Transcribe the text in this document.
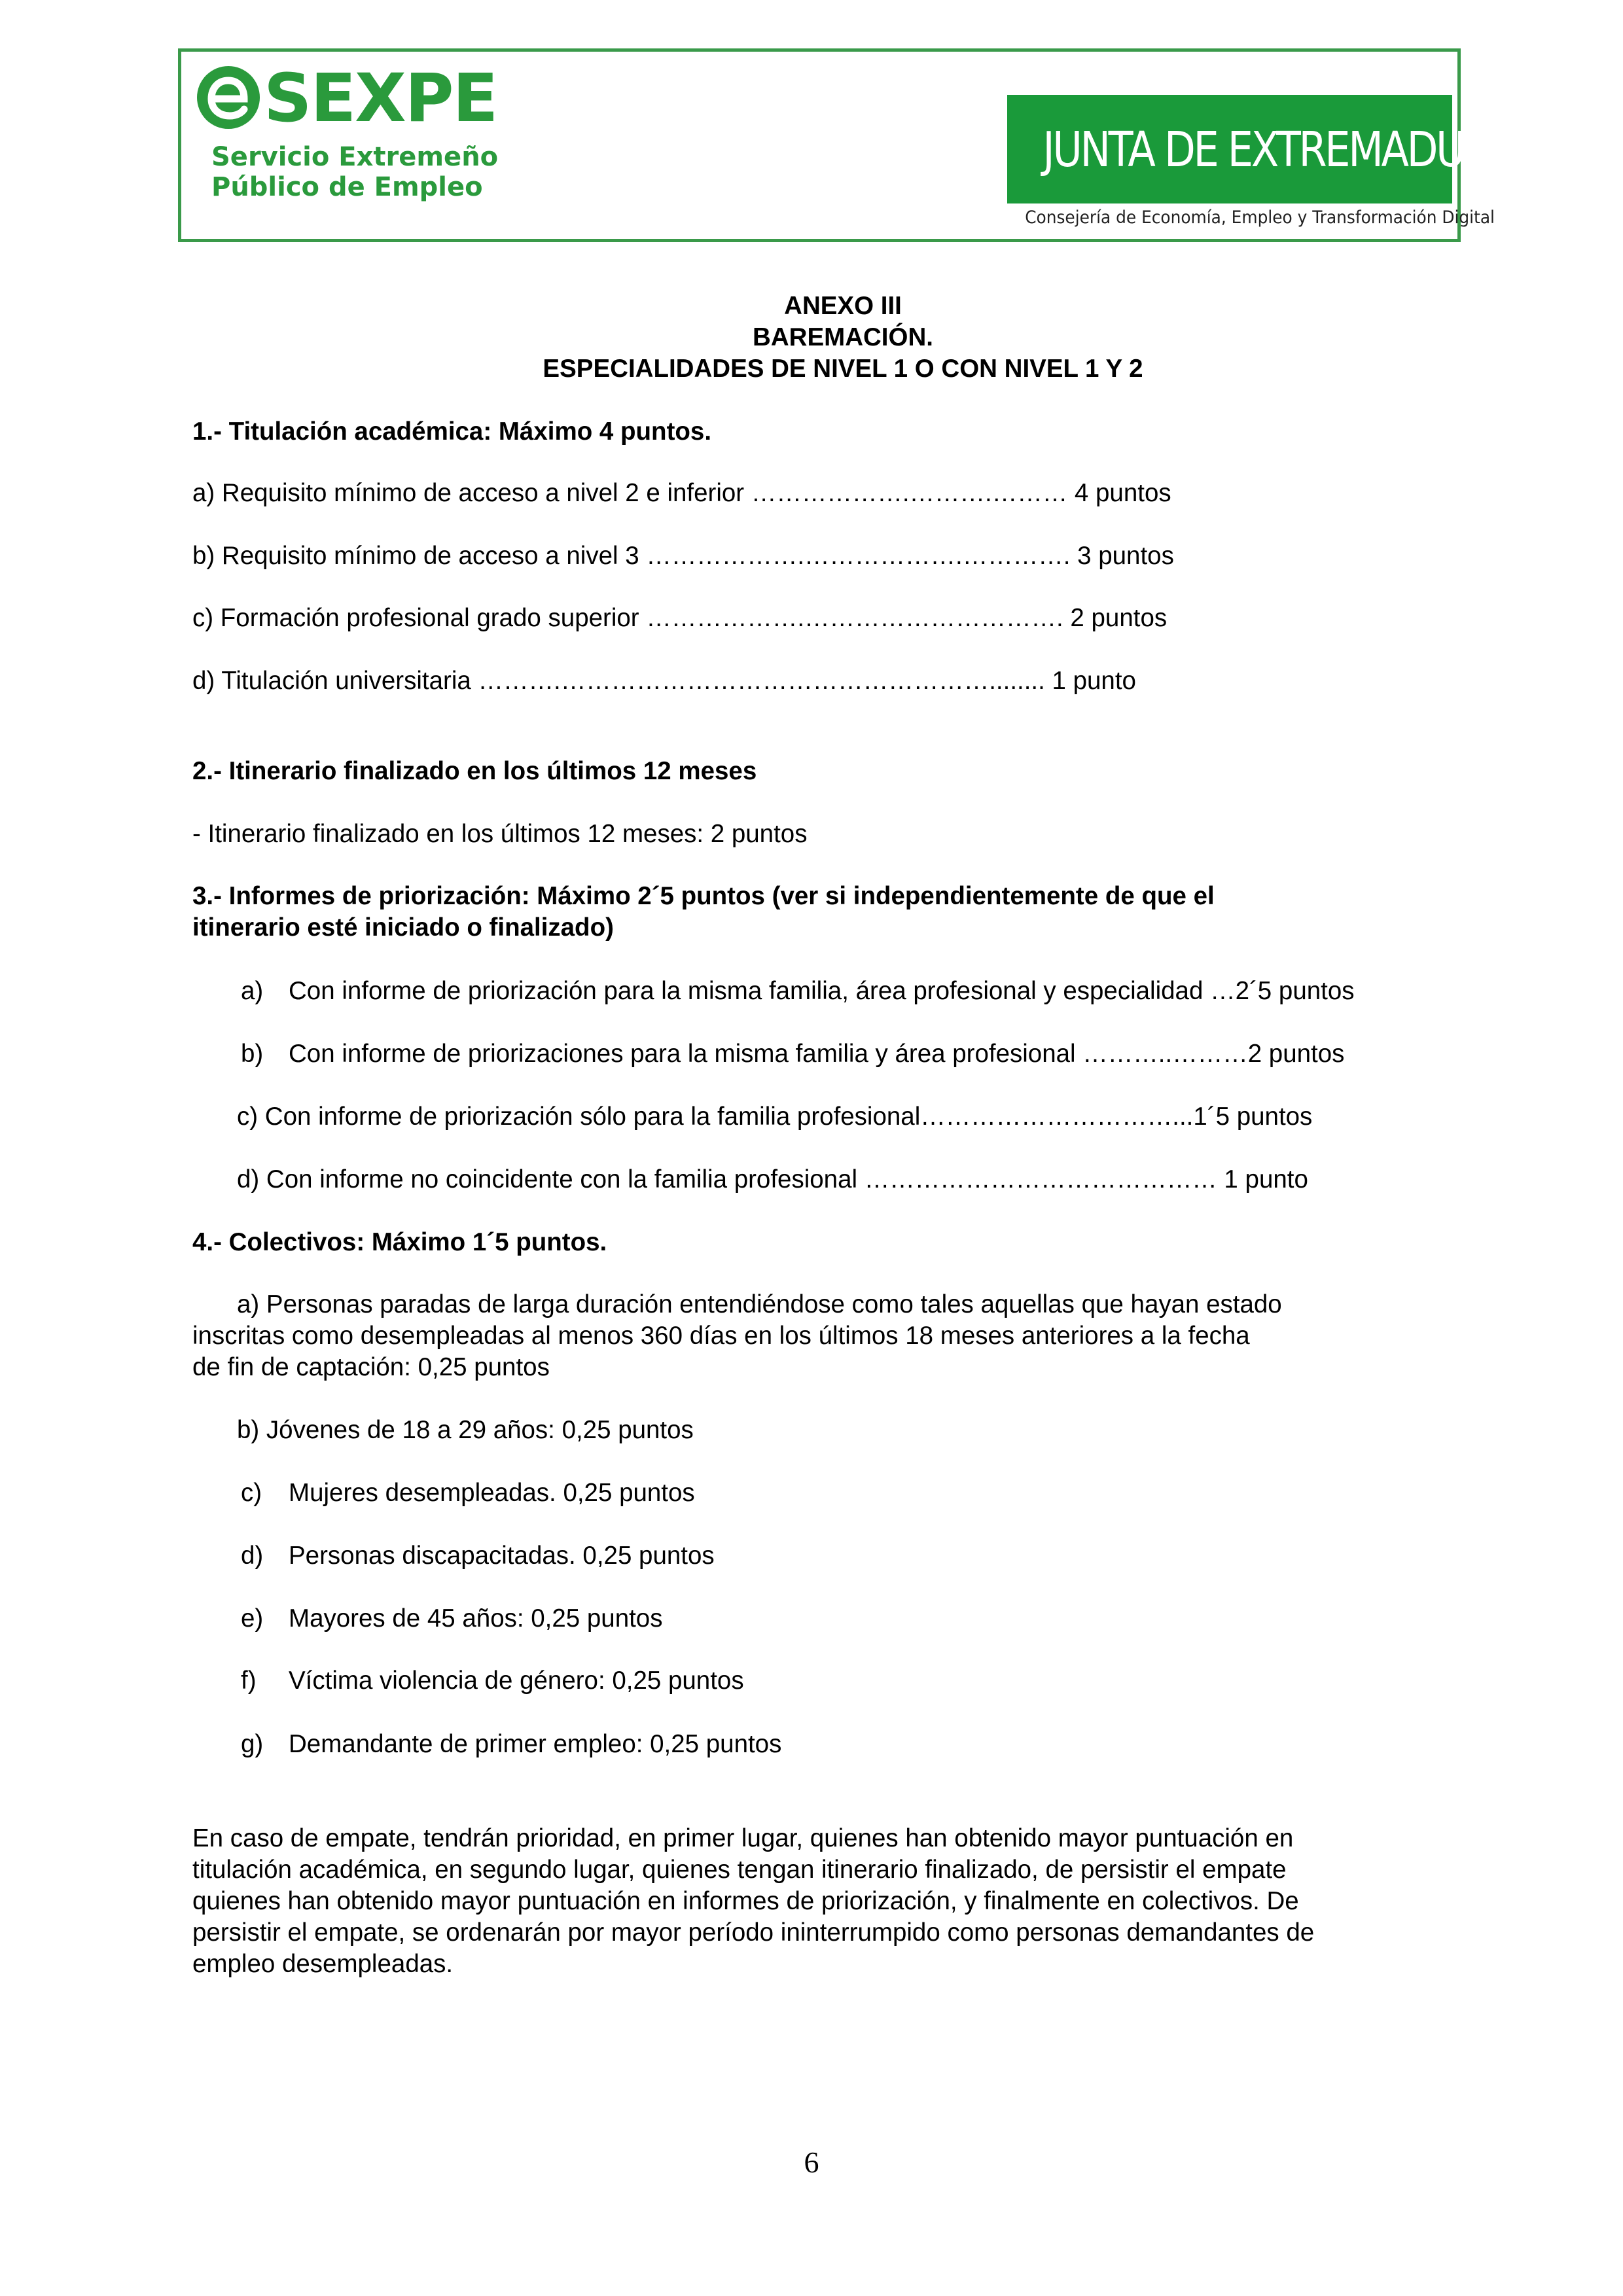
SEXPE
Servicio Extremeño
Público de Empleo
JUNTA DE EXTREMADURA
Consejería de Economía, Empleo y Transformación Digital
ANEXO III
BAREMACIÓN.
ESPECIALIDADES DE NIVEL 1 O CON NIVEL 1 Y 2
1.- Titulación académica: Máximo 4 puntos.
a) Requisito mínimo de acceso a nivel 2 e inferior ……………….……….……… 4 puntos
b) Requisito mínimo de acceso a nivel 3 ……………….……………….…………. 3 puntos
c) Formación profesional grado superior ……………….…………………………. 2 puntos
d) Titulación universitaria ……….……………………………………………........ 1 punto
2.- Itinerario finalizado en los últimos 12 meses
- Itinerario finalizado en los últimos 12 meses: 2 puntos
3.- Informes de priorización: Máximo 2´5 puntos (ver si independientemente de que el
itinerario esté iniciado o finalizado)
a) Con informe de priorización para la misma familia, área profesional y especialidad …2´5 puntos
b) Con informe de priorizaciones para la misma familia y área profesional ………..………2 puntos
c) Con informe de priorización sólo para la familia profesional…………………………...1´5 puntos
d) Con informe no coincidente con la familia profesional …………………………………… 1 punto
4.- Colectivos: Máximo 1´5 puntos.
a) Personas paradas de larga duración entendiéndose como tales aquellas que hayan estado
inscritas como desempleadas al menos 360 días en los últimos 18 meses anteriores a la fecha
de fin de captación: 0,25 puntos
b) Jóvenes de 18 a 29 años: 0,25 puntos
c) Mujeres desempleadas. 0,25 puntos
d) Personas discapacitadas. 0,25 puntos
e) Mayores de 45 años: 0,25 puntos
f) Víctima violencia de género: 0,25 puntos
g) Demandante de primer empleo: 0,25 puntos
En caso de empate, tendrán prioridad, en primer lugar, quienes han obtenido mayor puntuación en
titulación académica, en segundo lugar, quienes tengan itinerario finalizado, de persistir el empate
quienes han obtenido mayor puntuación en informes de priorización, y finalmente en colectivos. De
persistir el empate, se ordenarán por mayor período ininterrumpido como personas demandantes de
empleo desempleadas.
6
